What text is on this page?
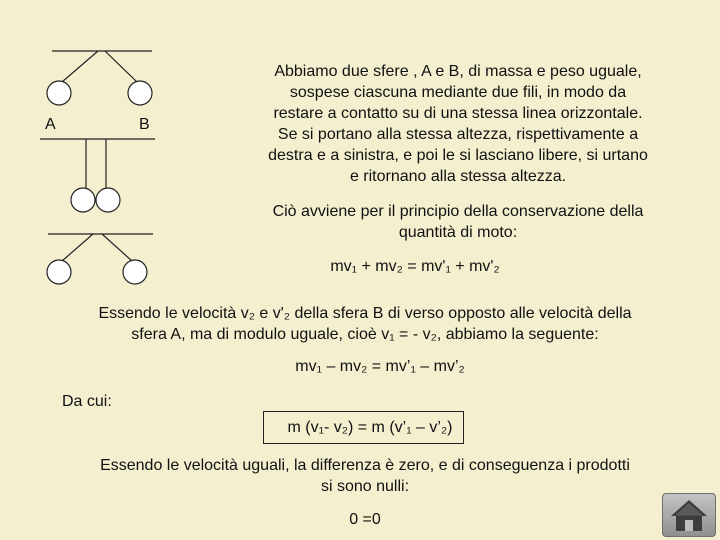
A	B
Abbiamo due sfere , A e B, di massa e peso uguale,
sospese ciascuna mediante due fili, in modo da
restare a contatto su di una stessa linea orizzontale.
Se si portano alla stessa altezza, rispettivamente a
destra e a sinistra, e poi le si lasciano libere, si urtano
e ritornano alla stessa altezza.
Ciò avviene per il principio della conservazione della
quantità di moto:
mv₁ + mv₂ = mv'₁ + mv'₂
Essendo le velocità v₂ e v'₂ della sfera B di verso opposto alle velocità della
sfera A, ma di modulo uguale, cioè v₁ = - v₂, abbiamo la seguente:
mv₁ – mv₂ = mv’₁ – mv’₂
Da cui:
m (v₁- v₂) = m (v’₁ – v’₂)
Essendo le velocità uguali, la differenza è zero, e di conseguenza i prodotti
si sono nulli:
0 =0
